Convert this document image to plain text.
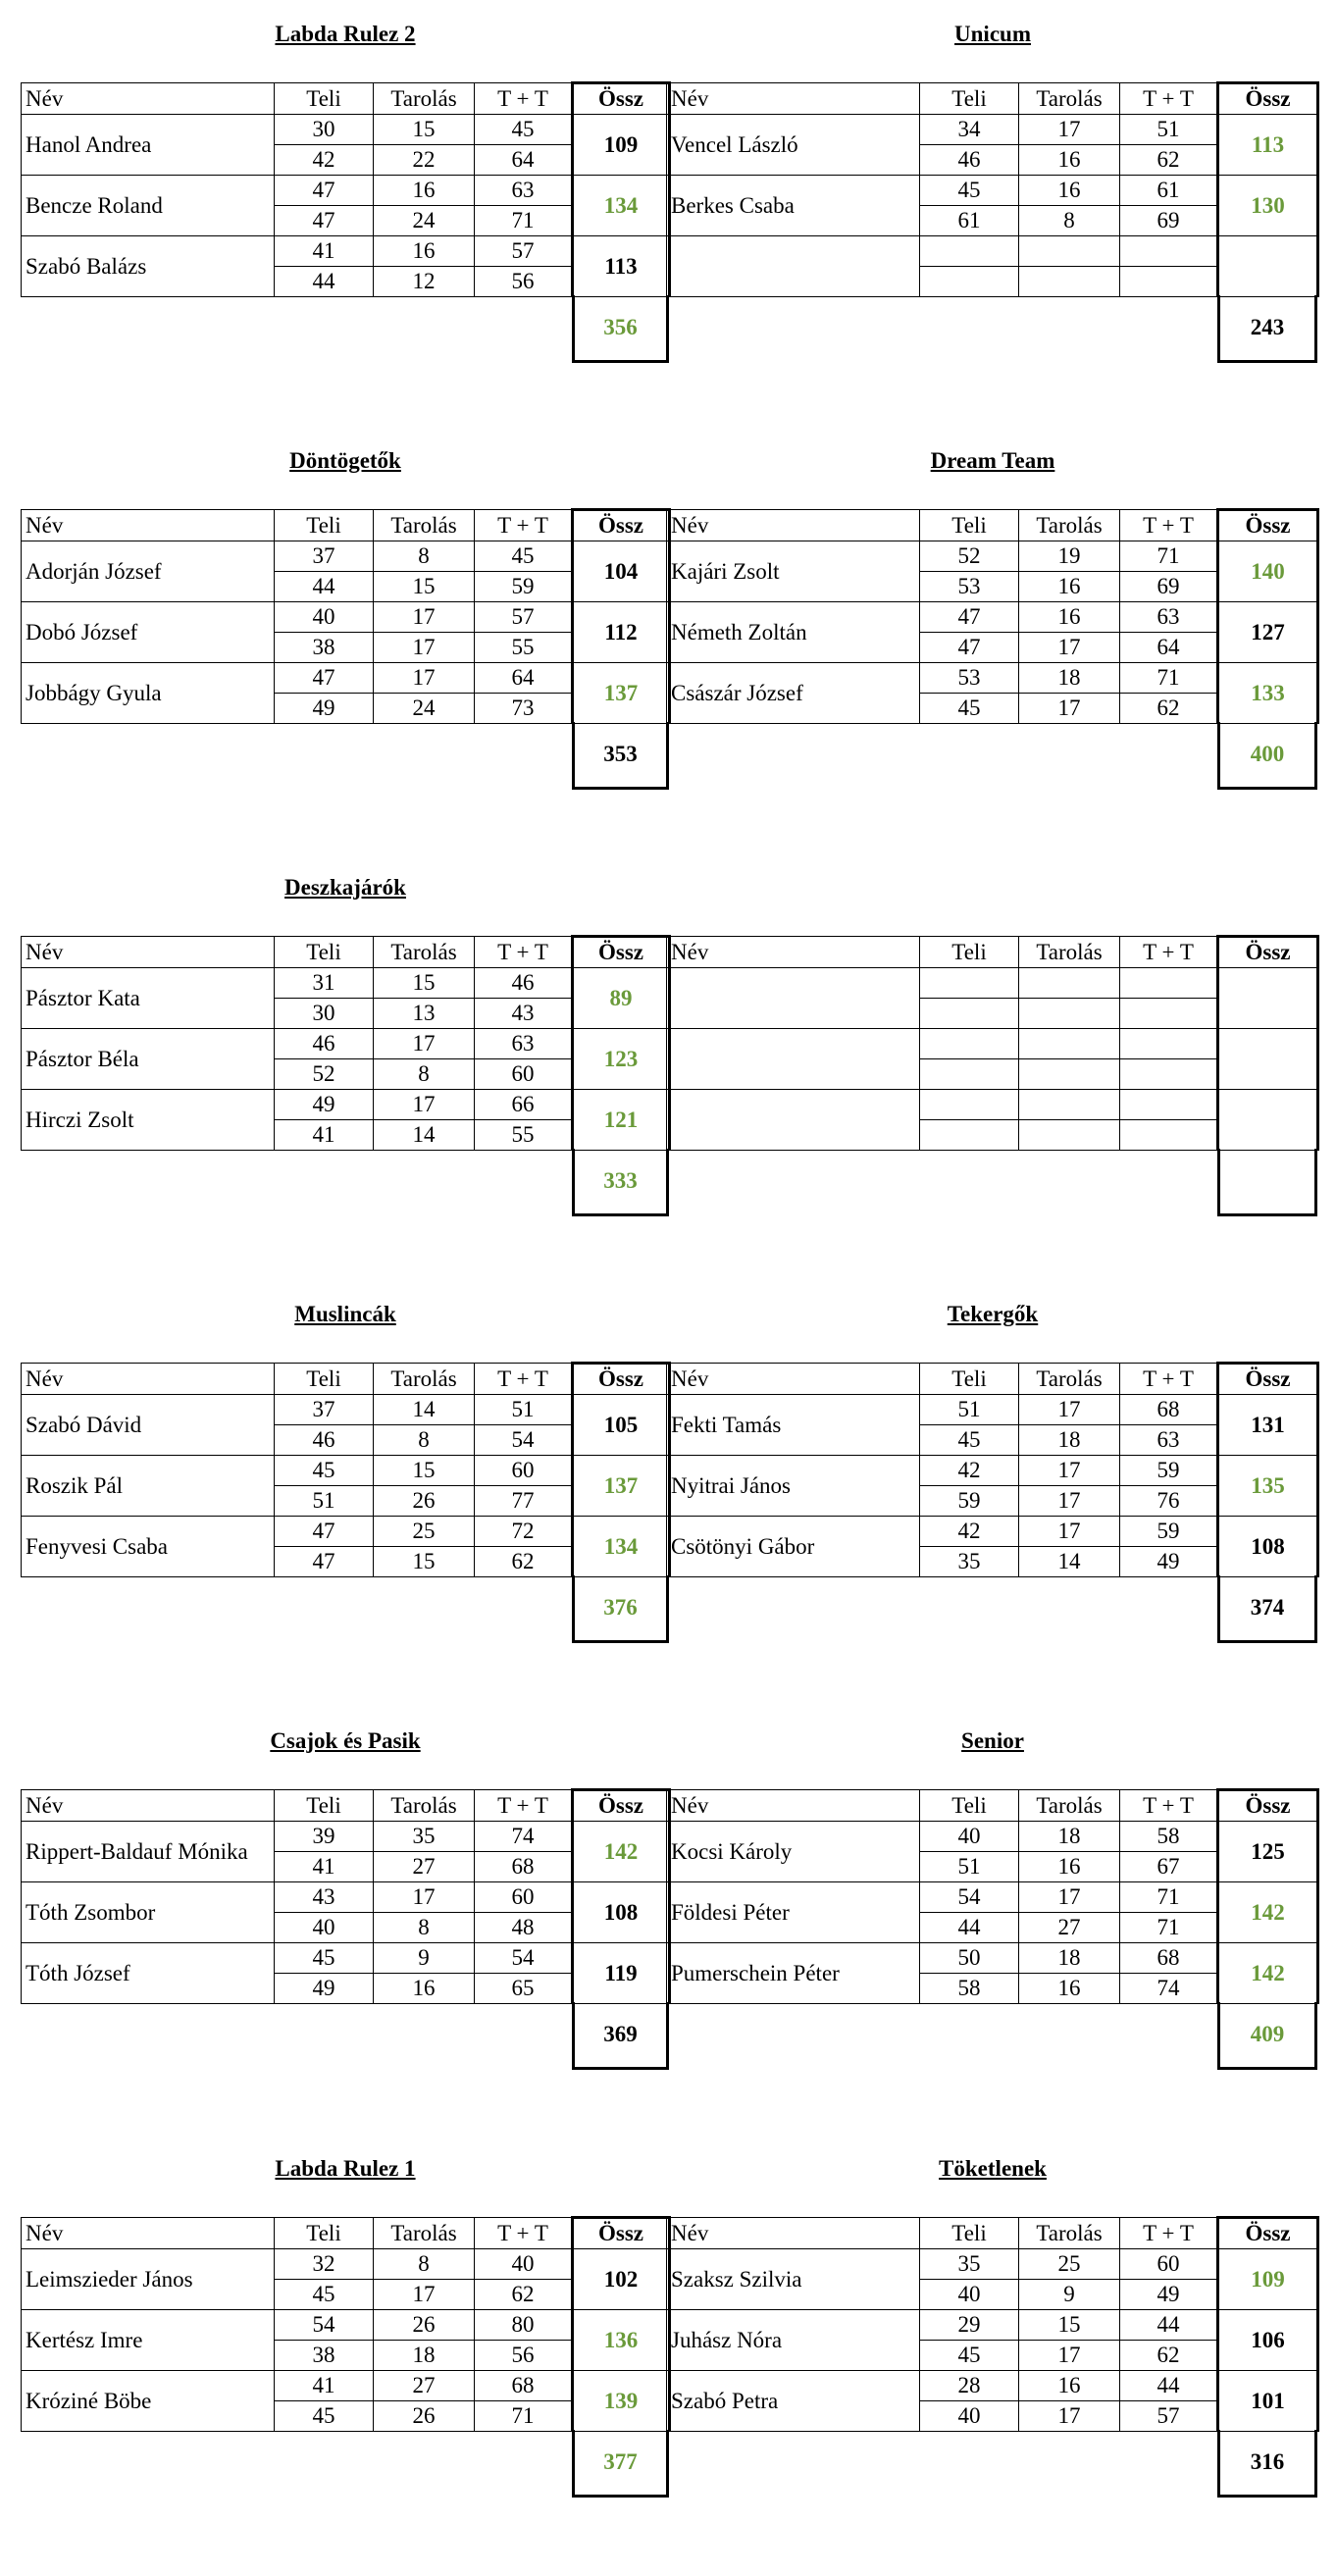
Labda Rulez 2
Név	Teli	Tarolás	T + T	Össz
Hanol Andrea	30	15	45	109
	42	22	64	
Bencze Roland	47	16	63	134
	47	24	71	
Szabó Balázs	41	16	57	113
	44	12	56	
356
Unicum
Név	Teli	Tarolás	T + T	Össz
Vencel László	34	17	51	113
	46	16	62	
Berkes Csaba	45	16	61	130
	61	8	69	

243
Döntögetők
Név	Teli	Tarolás	T + T	Össz
Adorján József	37	8	45	104
	44	15	59	
Dobó József	40	17	57	112
	38	17	55	
Jobbágy Gyula	47	17	64	137
	49	24	73	
353
Dream Team
Név	Teli	Tarolás	T + T	Össz
Kajári Zsolt	52	19	71	140
	53	16	69	
Németh Zoltán	47	16	63	127
	47	17	64	
Császár József	53	18	71	133
	45	17	62	
400
Deszkajárók
Név	Teli	Tarolás	T + T	Össz
Pásztor Kata	31	15	46	89
	30	13	43	
Pásztor Béla	46	17	63	123
	52	8	60	
Hirczi Zsolt	49	17	66	121
	41	14	55	
333
Név	Teli	Tarolás	T + T	Össz

Muslincák
Név	Teli	Tarolás	T + T	Össz
Szabó Dávid	37	14	51	105
	46	8	54	
Roszik Pál	45	15	60	137
	51	26	77	
Fenyvesi Csaba	47	25	72	134
	47	15	62	
376
Tekergők
Név	Teli	Tarolás	T + T	Össz
Fekti Tamás	51	17	68	131
	45	18	63	
Nyitrai János	42	17	59	135
	59	17	76	
Csötönyi Gábor	42	17	59	108
	35	14	49	
374
Csajok és Pasik
Név	Teli	Tarolás	T + T	Össz
Rippert-Baldauf Mónika	39	35	74	142
	41	27	68	
Tóth Zsombor	43	17	60	108
	40	8	48	
Tóth József	45	9	54	119
	49	16	65	
369
Senior
Név	Teli	Tarolás	T + T	Össz
Kocsi Károly	40	18	58	125
	51	16	67	
Földesi Péter	54	17	71	142
	44	27	71	
Pumerschein Péter	50	18	68	142
	58	16	74	
409
Labda Rulez 1
Név	Teli	Tarolás	T + T	Össz
Leimszieder János	32	8	40	102
	45	17	62	
Kertész Imre	54	26	80	136
	38	18	56	
Króziné Böbe	41	27	68	139
	45	26	71	
377
Töketlenek
Név	Teli	Tarolás	T + T	Össz
Szaksz Szilvia	35	25	60	109
	40	9	49	
Juhász Nóra	29	15	44	106
	45	17	62	
Szabó Petra	28	16	44	101
	40	17	57	
316
